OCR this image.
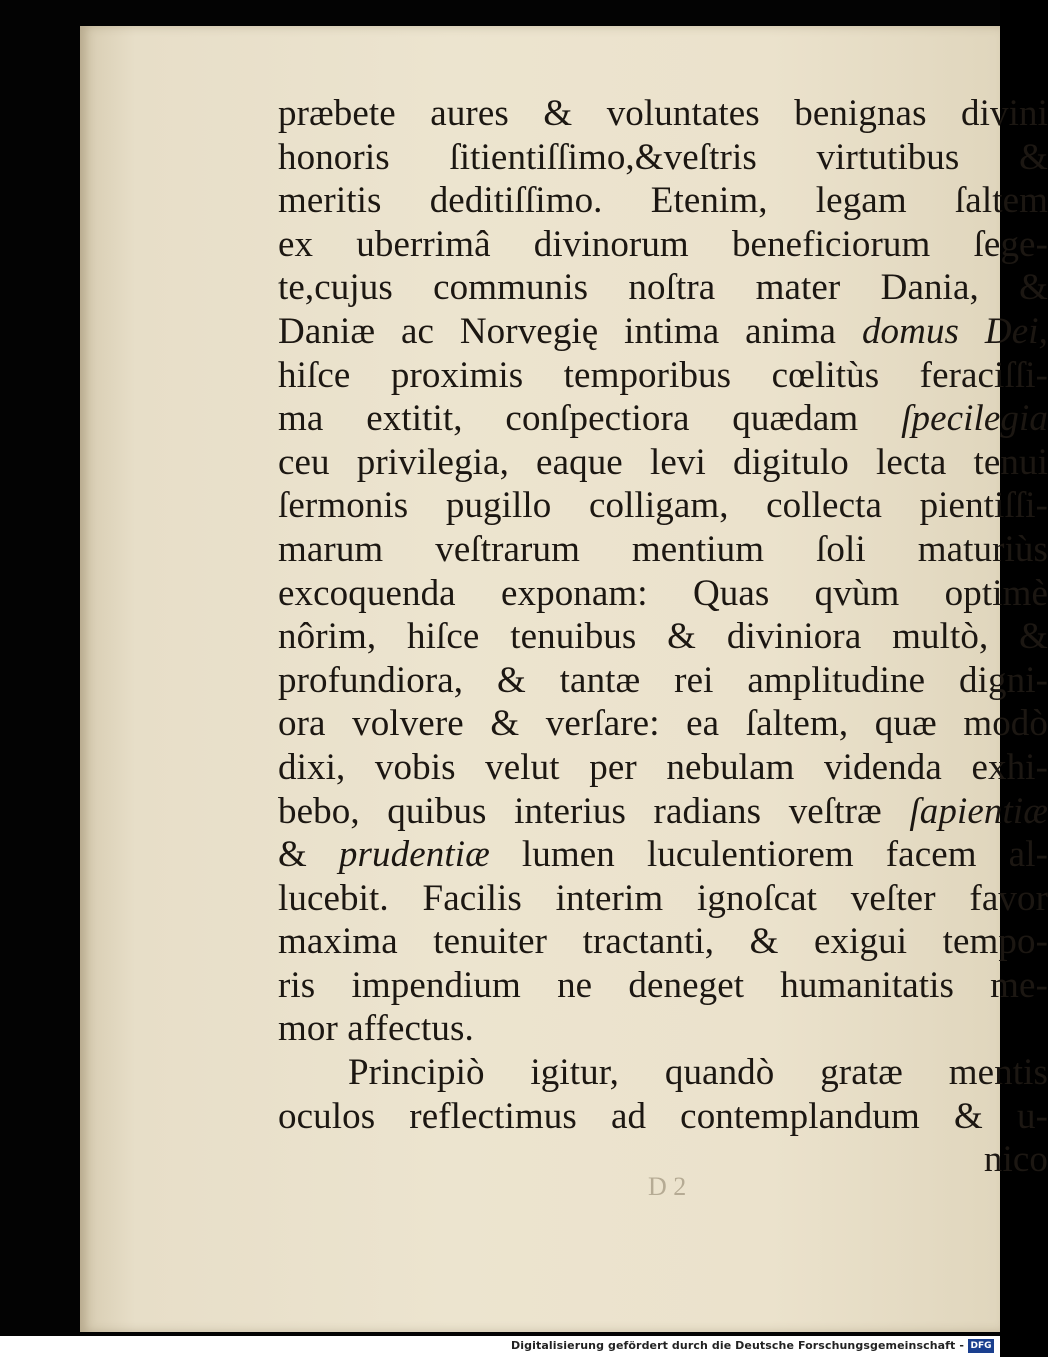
præbete aures & voluntates benignas divini
honoris ſitientiſſimo,&veſtris virtutibus &
meritis deditiſſimo. Etenim, legam ſaltem
ex uberrimâ divinorum beneficiorum ſege-
te,cujus communis noſtra mater Dania, &
Daniæ ac Norvegię intima anima domus Dei,
hiſce proximis temporibus cœlitùs feraciſſi-
ma extitit, conſpectiora quædam ſpecilegia
ceu privilegia, eaque levi digitulo lecta tenui
ſermonis pugillo colligam, collecta pientiſſi-
marum veſtrarum mentium ſoli maturiùs
excoquenda exponam: Quas qvùm optimè
nôrim, hiſce tenuibus & diviniora multò, &
profundiora, & tantæ rei amplitudine digni-
ora volvere & verſare: ea ſaltem, quæ modò
dixi, vobis velut per nebulam videnda exhi-
bebo, quibus interius radians veſtræ ſapientiæ
& prudentiæ lumen luculentiorem facem al-
lucebit. Facilis interim ignoſcat veſter favor
maxima tenuiter tractanti, & exigui tempo-
ris impendium ne deneget humanitatis me-
mor affectus.
Principiò igitur, quandò gratæ mentis
oculos reflectimus ad contemplandum & u-
nico
D 2
Digitalisierung gefördert durch die Deutsche Forschungsgemeinschaft - DFG
